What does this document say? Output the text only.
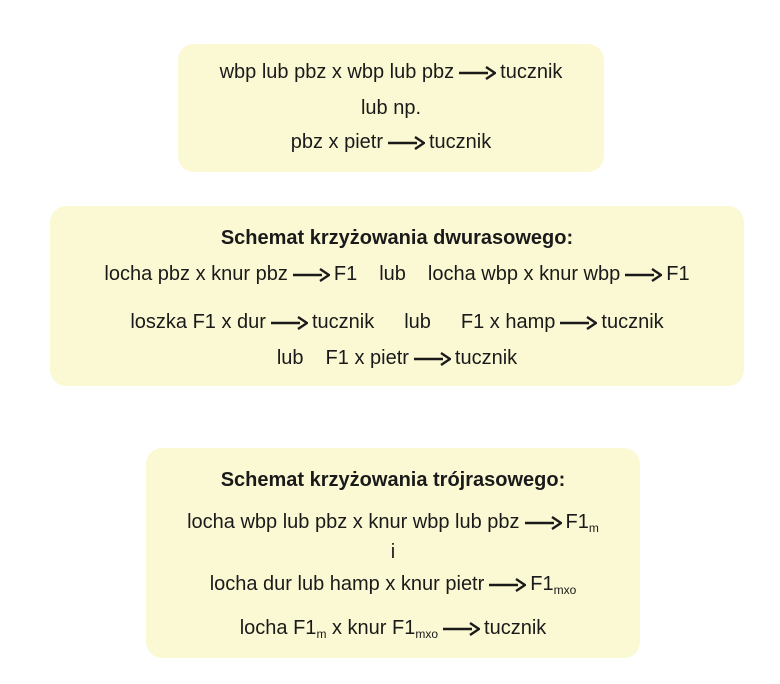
wbp lub pbz x wbp lub pbz tucznik
lub np.
pbz x pietr tucznik
Schemat krzyżowania dwurasowego:
locha pbz x knur pbz F1 lub locha wbp x knur wbp F1
loszka F1 x dur tucznik lub F1 x hamp tucznik
lub F1 x pietr tucznik
Schemat krzyżowania trójrasowego:
locha wbp lub pbz x knur wbp lub pbz $F1_m$
i
locha dur lub hamp x knur pietr $F1_{mxo}$
locha $F1_m$ x knur $F1_{mxo}$ tucznik
